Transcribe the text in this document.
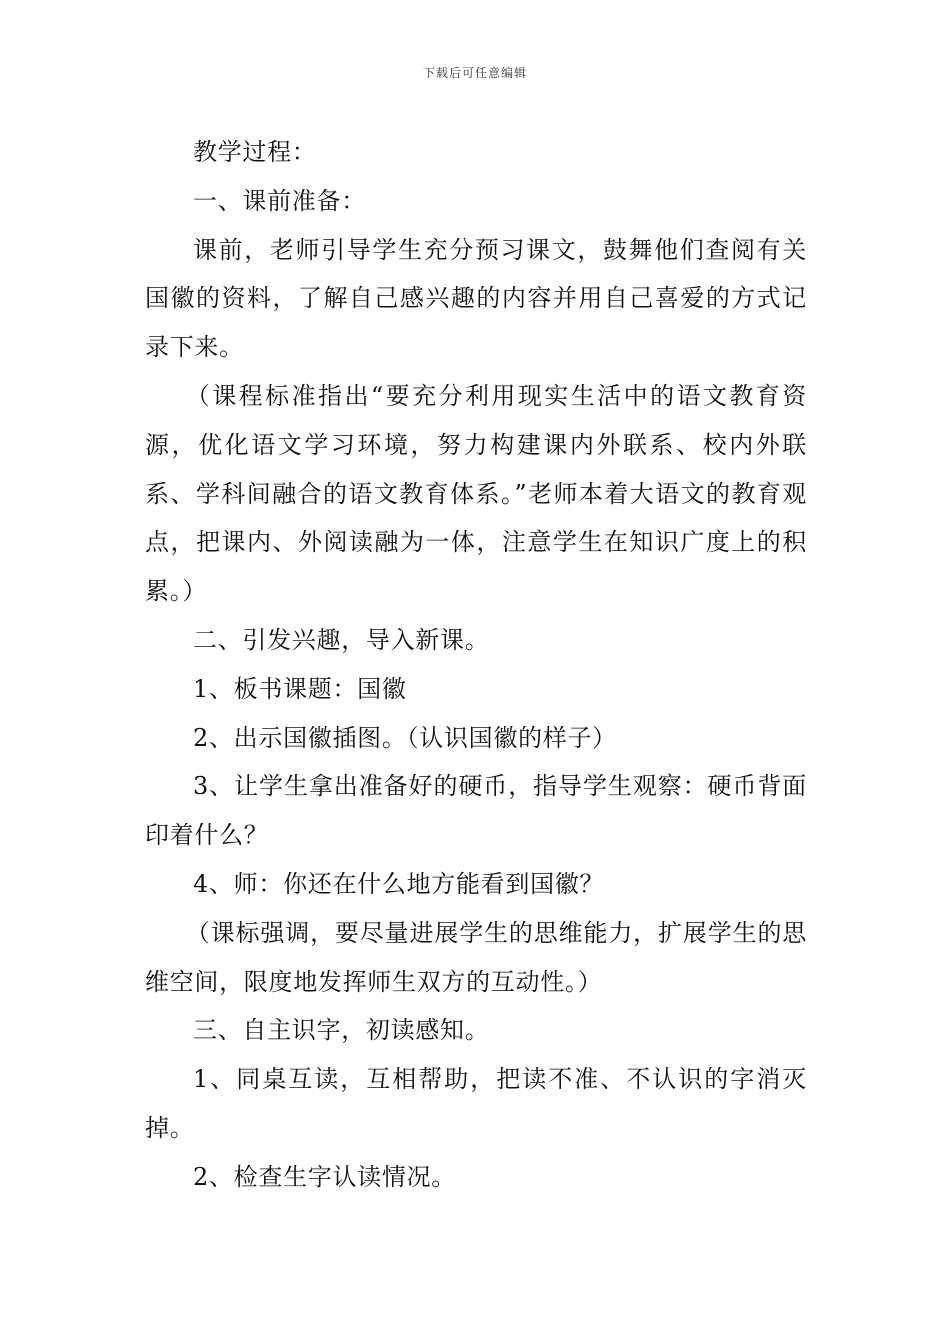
下载后可任意编辑

教学过程：

一、课前准备：

课前，老师引导学生充分预习课文，鼓舞他们查阅有关国徽的资料，了解自己感兴趣的内容并用自己喜爱的方式记录下来。

（课程标准指出“要充分利用现实生活中的语文教育资源，优化语文学习环境，努力构建课内外联系、校内外联系、学科间融合的语文教育体系。”老师本着大语文的教育观点，把课内、外阅读融为一体，注意学生在知识广度上的积累。）

二、引发兴趣，导入新课。

1、板书课题：国徽

2、出示国徽插图。（认识国徽的样子）

3、让学生拿出准备好的硬币，指导学生观察：硬币背面印着什么？

4、师：你还在什么地方能看到国徽？

（课标强调，要尽量进展学生的思维能力，扩展学生的思维空间，限度地发挥师生双方的互动性。）

三、自主识字，初读感知。

1、同桌互读，互相帮助，把读不准、不认识的字消灭掉。

2、检查生字认读情况。
